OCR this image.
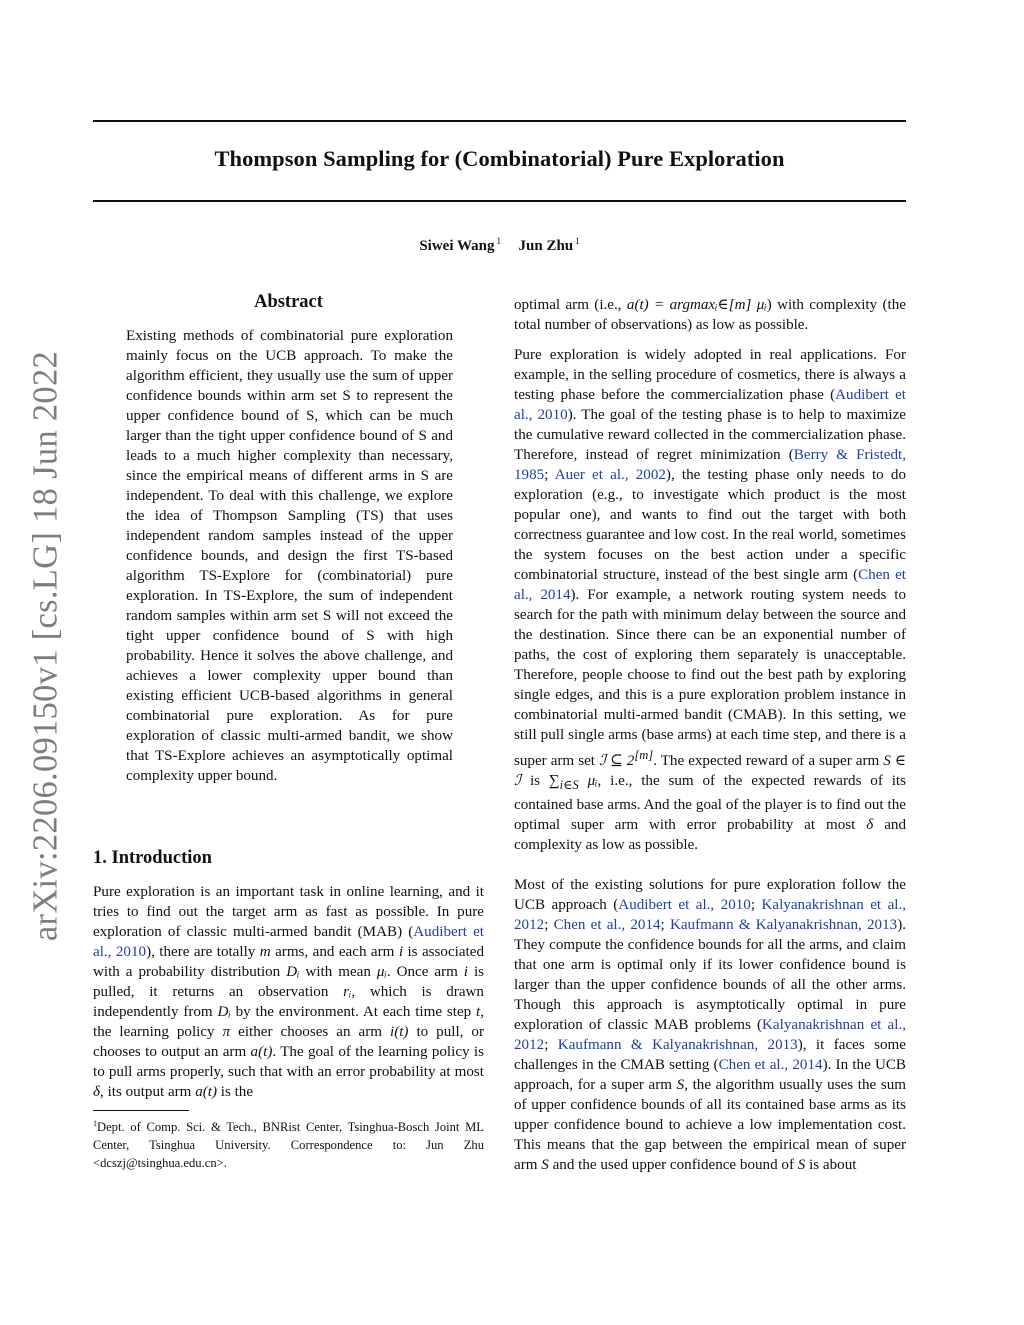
Thompson Sampling for (Combinatorial) Pure Exploration
Siwei Wang $^1$ Jun Zhu $^1$
arXiv:2206.09150v1 [cs.LG] 18 Jun 2022
Abstract

Existing methods of combinatorial pure exploration mainly focus on the UCB approach. To make the algorithm efficient, they usually use the sum of upper confidence bounds within arm set S to represent the upper confidence bound of S, which can be much larger than the tight upper confidence bound of S and leads to a much higher complexity than necessary, since the empirical means of different arms in S are independent. To deal with this challenge, we explore the idea of Thompson Sampling (TS) that uses independent random samples instead of the upper confidence bounds, and design the first TS-based algorithm TS-Explore for (combinatorial) pure exploration. In TS-Explore, the sum of independent random samples within arm set S will not exceed the tight upper confidence bound of S with high probability. Hence it solves the above challenge, and achieves a lower complexity upper bound than existing efficient UCB-based algorithms in general combinatorial pure exploration. As for pure exploration of classic multi-armed bandit, we show that TS-Explore achieves an asymptotically optimal complexity upper bound.

1. Introduction

Pure exploration is an important task in online learning, and it tries to find out the target arm as fast as possible. In pure exploration of classic multi-armed bandit (MAB) (Audibert et al., 2010), there are totally m arms, and each arm i is associated with a probability distribution Dᵢ with mean μᵢ. Once arm i is pulled, it returns an observation rᵢ, which is drawn independently from Dᵢ by the environment. At each time step t, the learning policy π either chooses an arm i(t) to pull, or chooses to output an arm a(t). The goal of the learning policy is to pull arms properly, such that with an error probability at most δ, its output arm a(t) is the

$^1$Dept. of Comp. Sci. & Tech., BNRist Center, Tsinghua-Bosch Joint ML Center, Tsinghua University. Correspondence to: Jun Zhu <dcszj@tsinghua.edu.cn>.

optimal arm (i.e., a(t) = argmaxᵢ∈[m] μᵢ) with complexity (the total number of observations) as low as possible.

Pure exploration is widely adopted in real applications. For example, in the selling procedure of cosmetics, there is always a testing phase before the commercialization phase (Audibert et al., 2010). The goal of the testing phase is to help to maximize the cumulative reward collected in the commercialization phase. Therefore, instead of regret minimization (Berry & Fristedt, 1985; Auer et al., 2002), the testing phase only needs to do exploration (e.g., to investigate which product is the most popular one), and wants to find out the target with both correctness guarantee and low cost. In the real world, sometimes the system focuses on the best action under a specific combinatorial structure, instead of the best single arm (Chen et al., 2014). For example, a network routing system needs to search for the path with minimum delay between the source and the destination. Since there can be an exponential number of paths, the cost of exploring them separately is unacceptable. Therefore, people choose to find out the best path by exploring single edges, and this is a pure exploration problem instance in combinatorial multi-armed bandit (CMAB). In this setting, we still pull single arms (base arms) at each time step, and there is a super arm set ℐ ⊆ 2[m]. The expected reward of a super arm S ∈ ℐ is $\sum_{i\in S}$ μᵢ, i.e., the sum of the expected rewards of its contained base arms. And the goal of the player is to find out the optimal super arm with error probability at most δ and complexity as low as possible.

Most of the existing solutions for pure exploration follow the UCB approach (Audibert et al., 2010; Kalyanakrishnan et al., 2012; Chen et al., 2014; Kaufmann & Kalyanakrishnan, 2013). They compute the confidence bounds for all the arms, and claim that one arm is optimal only if its lower confidence bound is larger than the upper confidence bounds of all the other arms. Though this approach is asymptotically optimal in pure exploration of classic MAB problems (Kalyanakrishnan et al., 2012; Kaufmann & Kalyanakrishnan, 2013), it faces some challenges in the CMAB setting (Chen et al., 2014). In the UCB approach, for a super arm S, the algorithm usually uses the sum of upper confidence bounds of all its contained base arms as its upper confidence bound to achieve a low implementation cost. This means that the gap between the empirical mean of super arm S and the used upper confidence bound of S is about
